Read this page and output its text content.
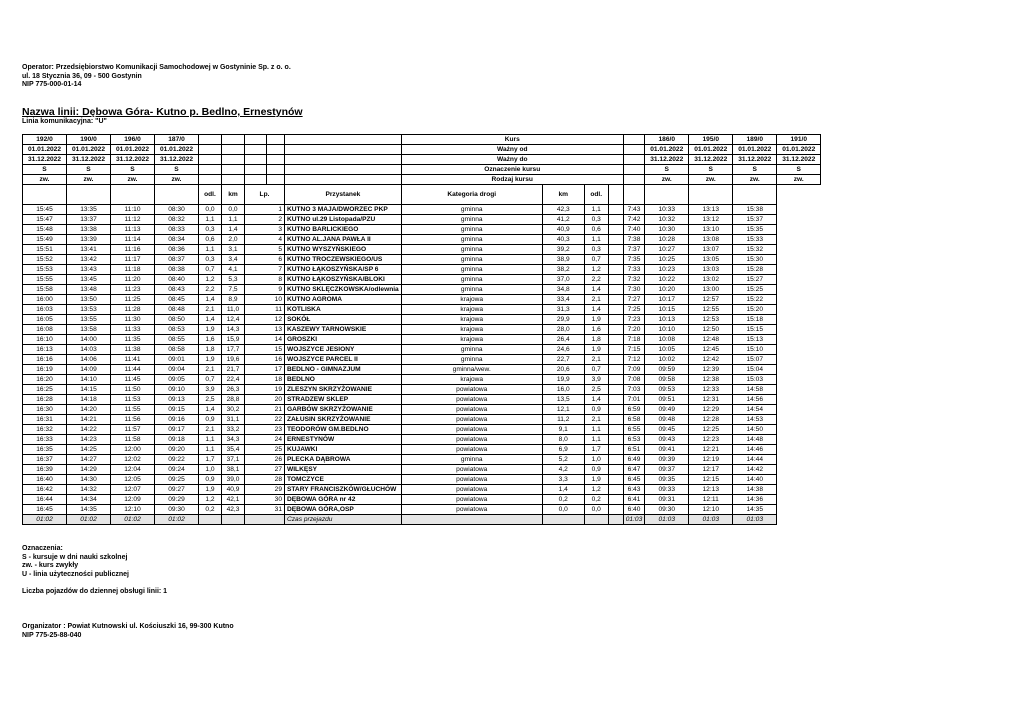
Operator: Przedsiębiorstwo Komunikacji Samochodowej w Gostyninie Sp. z o. o.
ul. 18 Stycznia 36, 09 - 500 Gostynin
NIP 775-000-01-14
Nazwa linii: Dębowa Góra- Kutno p. Bedlno, Ernestynów
Linia komunikacyjna: "U"
192/0	190/0	196/0	187/0						Kurs					186/0	195/0	189/0	191/0
01.01.2022	01.01.2022	01.01.2022	01.01.2022						Ważny od					01.01.2022	01.01.2022	01.01.2022	01.01.2022
31.12.2022	31.12.2022	31.12.2022	31.12.2022						Ważny do					31.12.2022	31.12.2022	31.12.2022	31.12.2022
S	S	S	S						Oznaczenie kursu					S	S	S	S
zw.	zw.	zw.	zw.						Rodzaj kursu					zw.	zw.	zw.	zw.
				odl.	km	Lp.		Przystanek	Kategoria drogi	km	odl.						
15:45	13:35	11:10	08:30	0,0	0,0	1		KUTNO 3 MAJA/DWORZEC PKP	gminna	42,3	1,1		7:43	10:33	13:13	15:38	
15:47	13:37	11:12	08:32	1,1	1,1	2		KUTNO ul.29 Listopada/PZU	gminna	41,2	0,3		7:42	10:32	13:12	15:37	
15:48	13:38	11:13	08:33	0,3	1,4	3		KUTNO BARLICKIEGO	gminna	40,9	0,6		7:40	10:30	13:10	15:35	
15:49	13:39	11:14	08:34	0,6	2,0	4		KUTNO AL.JANA PAWŁA II	gminna	40,3	1,1		7:38	10:28	13:08	15:33	
15:51	13:41	11:16	08:36	1,1	3,1	5		KUTNO WYSZYŃSKIEGO	gminna	39,2	0,3		7:37	10:27	13:07	15:32	
15:52	13:42	11:17	08:37	0,3	3,4	6		KUTNO TROCZEWSKIEGO/US	gminna	38,9	0,7		7:35	10:25	13:05	15:30	
15:53	13:43	11:18	08:38	0,7	4,1	7		KUTNO ŁĄKOSZYŃSKA/SP 6	gminna	38,2	1,2		7:33	10:23	13:03	15:28	
15:55	13:45	11:20	08:40	1,2	5,3	8		KUTNO ŁĄKOSZYŃSKA/BLOKI	gminna	37,0	2,2		7:32	10:22	13:02	15:27	
15:58	13:48	11:23	08:43	2,2	7,5	9		KUTNO SKLĘCZKOWSKA/odlewnia	gminna	34,8	1,4		7:30	10:20	13:00	15:25	
16:00	13:50	11:25	08:45	1,4	8,9	10		KUTNO AGROMA	krajowa	33,4	2,1		7:27	10:17	12:57	15:22	
16:03	13:53	11:28	08:48	2,1	11,0	11		KOTLISKA	krajowa	31,3	1,4		7:25	10:15	12:55	15:20	
16:05	13:55	11:30	08:50	1,4	12,4	12		SOKÓŁ	krajowa	29,9	1,9		7:23	10:13	12:53	15:18	
16:08	13:58	11:33	08:53	1,9	14,3	13		KASZEWY TARNOWSKIE	krajowa	28,0	1,6		7:20	10:10	12:50	15:15	
16:10	14:00	11:35	08:55	1,6	15,9	14		GROSZKI	krajowa	26,4	1,8		7:18	10:08	12:48	15:13	
16:13	14:03	11:38	08:58	1,8	17,7	15		WOJSZYCE JESIONY	gminna	24,6	1,9		7:15	10:05	12:45	15:10	
16:16	14:06	11:41	09:01	1,9	19,6	16		WOJSZYCE PARCEL II	gminna	22,7	2,1		7:12	10:02	12:42	15:07	
16:19	14:09	11:44	09:04	2,1	21,7	17		BEDLNO - GIMNAZJUM	gminna/wew.	20,6	0,7		7:09	09:59	12:39	15:04	
16:20	14:10	11:45	09:05	0,7	22,4	18		BEDLNO	krajowa	19,9	3,9		7:08	09:58	12:38	15:03	
16:25	14:15	11:50	09:10	3,9	26,3	19		ZLESZYN SKRZYŻOWANIE	powiatowa	16,0	2,5		7:03	09:53	12:33	14:58	
16:28	14:18	11:53	09:13	2,5	28,8	20		STRADZEW SKLEP	powiatowa	13,5	1,4		7:01	09:51	12:31	14:56	
16:30	14:20	11:55	09:15	1,4	30,2	21		GARBÓW SKRZYŻOWANIE	powiatowa	12,1	0,9		6:59	09:49	12:29	14:54	
16:31	14:21	11:56	09:16	0,9	31,1	22		ZAŁUSIN SKRZYŻOWANIE	powiatowa	11,2	2,1		6:58	09:48	12:28	14:53	
16:32	14:22	11:57	09:17	2,1	33,2	23		TEODORÓW GM.BEDLNO	powiatowa	9,1	1,1		6:55	09:45	12:25	14:50	
16:33	14:23	11:58	09:18	1,1	34,3	24		ERNESTYNÓW	powiatowa	8,0	1,1		6:53	09:43	12:23	14:48	
16:35	14:25	12:00	09:20	1,1	35,4	25		KUJAWKI	powiatowa	6,9	1,7		6:51	09:41	12:21	14:46	
16:37	14:27	12:02	09:22	1,7	37,1	26		PLECKA DĄBROWA	gminna	5,2	1,0		6:49	09:39	12:19	14:44	
16:39	14:29	12:04	09:24	1,0	38,1	27		WILKĘSY	powiatowa	4,2	0,9		6:47	09:37	12:17	14:42	
16:40	14:30	12:05	09:25	0,9	39,0	28		TOMCZYCE	powiatowa	3,3	1,9		6:45	09:35	12:15	14:40	
16:42	14:32	12:07	09:27	1,9	40,9	29		STARY FRANCISZKÓW/GŁUCHÓW	powiatowa	1,4	1,2		6:43	09:33	12:13	14:38	
16:44	14:34	12:09	09:29	1,2	42,1	30		DĘBOWA GÓRA nr 42	powiatowa	0,2	0,2		6:41	09:31	12:11	14:36	
16:45	14:35	12:10	09:30	0,2	42,3	31		DĘBOWA GÓRA,OSP	powiatowa	0,0	0,0		6:40	09:30	12:10	14:35	
01:02	01:02	01:02	01:02					Czas przejazdu					01:03	01:03	01:03	01:03	
Oznaczenia:
S - kursuje w dni nauki szkolnej
zw. - kurs zwykły
U - linia użyteczności publicznej
Liczba pojazdów do dziennej obsługi linii: 1
Organizator : Powiat Kutnowski ul. Kościuszki 16, 99-300 Kutno
NIP 775-25-88-040
